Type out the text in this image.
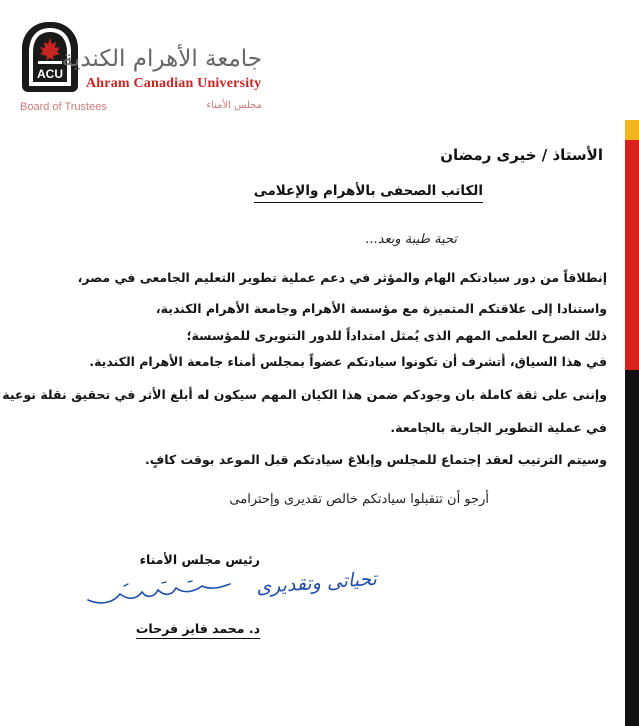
ACU
جامعة الأهرام الكندية
Ahram Canadian University
Board of Trustees	مجلس الأمناء
الأستاذ / خيرى رمضان
الكاتب الصحفى بالأهرام والإعلامى
تحية طيبة وبعد...
إنطلاقاً من دور سيادتكم الهام والمؤثر في دعم عملية تطوير التعليم الجامعى في مصر،
واستنادا إلى علاقتكم المتميزة مع مؤسسة الأهرام وجامعة الأهرام الكندية،
ذلك الصرح العلمى المهم الذى يُمثل امتداداً للدور التنويرى للمؤسسة؛
في هذا السياق، أتشرف أن تكونوا سيادتكم عضواً بمجلس أمناء جامعة الأهرام الكندية.
وإننى على ثقة كاملة بان وجودكم ضمن هذا الكيان المهم سيكون له أبلغ الأثر في تحقيق نقلة نوعية
في عملية التطوير الجارية بالجامعة.
وسيتم الترتيب لعقد إجتماع للمجلس وإبلاغ سيادتكم قبل الموعد بوقت كافٍ.
أرجو أن تتقبلوا سيادتكم خالص تقديرى وإحترامى
رئيس مجلس الأمناء
تحياتى وتقديرى
د. محمد فايز فرحات
